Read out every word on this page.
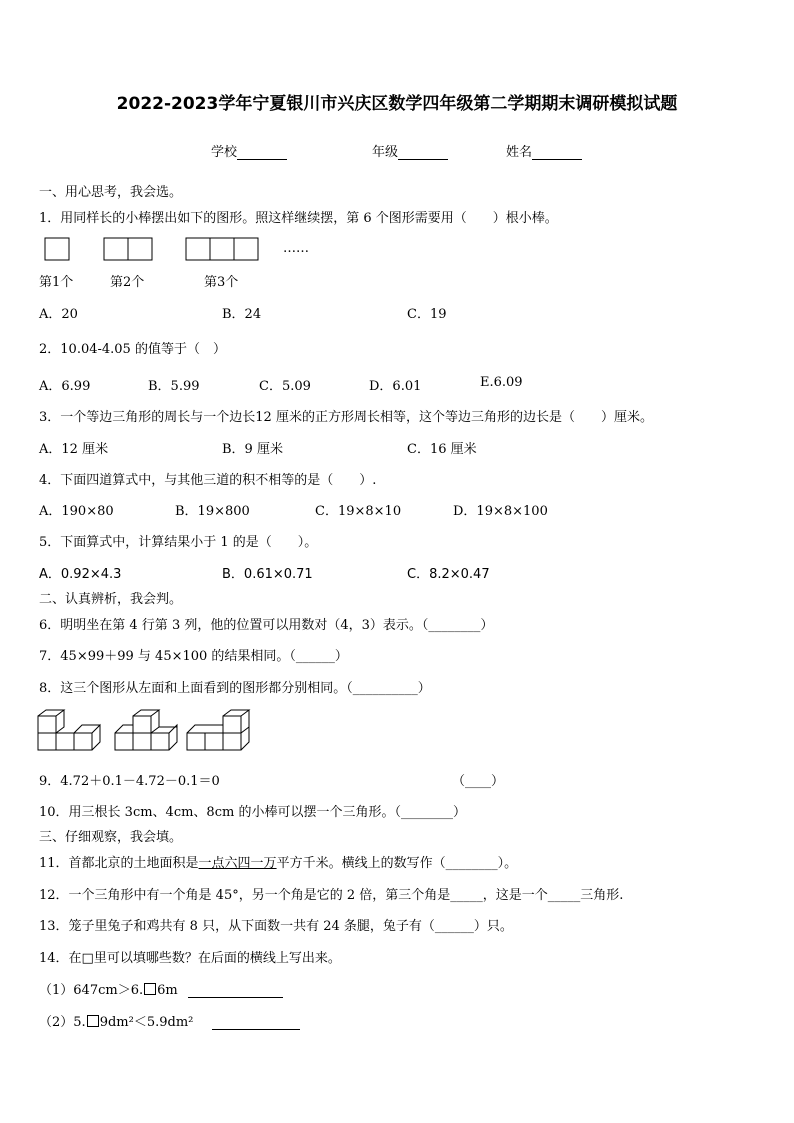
2022-2023学年宁夏银川市兴庆区数学四年级第二学期期末调研模拟试题
学校	年级	姓名
一、用心思考，我会选。
1．用同样长的小棒摆出如下的图形。照这样继续摆，第 6 个图形需要用（　　）根小棒。
……
第1个	第2个	第3个
A．20	B．24	C．19
2．10.04-4.05 的值等于（　）
A．6.99	B．5.99	C．5.09	D．6.01	E.6.09
3．一个等边三角形的周长与一个边长12 厘米的正方形周长相等，这个等边三角形的边长是（　　）厘米。
A．12 厘米	B．9 厘米	C．16 厘米
4．下面四道算式中，与其他三道的积不相等的是（　　）.
A．190×80	B．19×800	C．19×8×10	D．19×8×100
5．下面算式中，计算结果小于 1 的是（　　）。
A．0.92×4.3	B．0.61×0.71	C．8.2×0.47
二、认真辨析，我会判。
6．明明坐在第 4 行第 3 列，他的位置可以用数对（4，3）表示。（________）
7．45×99＋99 与 45×100 的结果相同。（______）
8．这三个图形从左面和上面看到的图形都分别相同。（__________）
9．4.72＋0.1－4.72－0.1＝0	（____）
10．用三根长 3cm、4cm、8cm 的小棒可以摆一个三角形。（________）
三、仔细观察，我会填。
11．首都北京的土地面积是一点六四一万平方千米。横线上的数写作（________）。
12．一个三角形中有一个角是 45°，另一个角是它的 2 倍，第三个角是_____，这是一个_____三角形.
13．笼子里兔子和鸡共有 8 只，从下面数一共有 24 条腿，兔子有（______）只。
14．在□里可以填哪些数？在后面的横线上写出来。
（1）647cm＞6. 6m
（2）5. 9dm²＜5.9dm²
